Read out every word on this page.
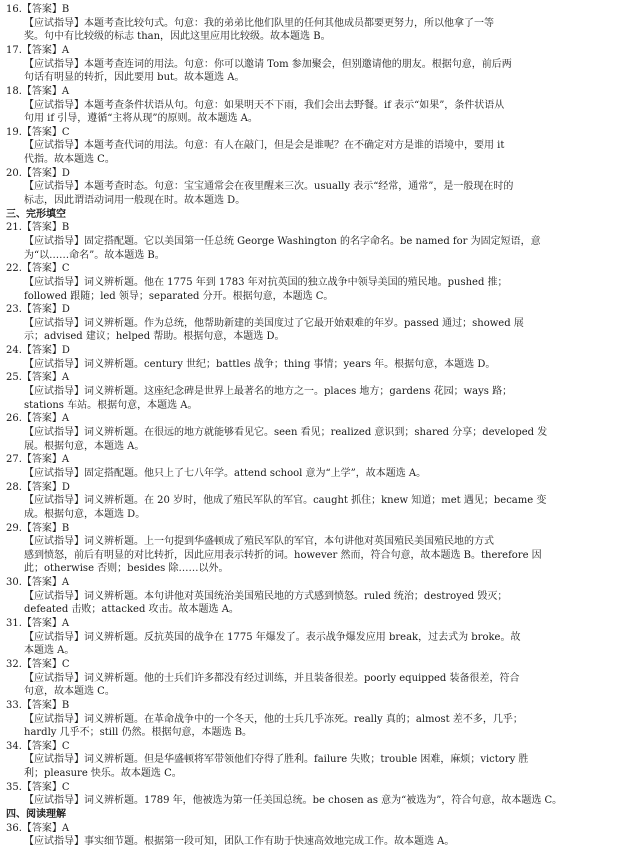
16.【答案】B
【应试指导】本题考查比较句式。句意：我的弟弟比他们队里的任何其他成员都要更努力，所以他拿了一等
奖。句中有比较级的标志 than，因此这里应用比较级。故本题选 B。
17.【答案】A
【应试指导】本题考查连词的用法。句意：你可以邀请 Tom 参加聚会，但别邀请他的朋友。根据句意，前后两
句话有明显的转折，因此要用 but。故本题选 A。
18.【答案】A
【应试指导】本题考查条件状语从句。句意：如果明天不下雨，我们会出去野餐。if 表示“如果”，条件状语从
句用 if 引导，遵循“主将从现”的原则。故本题选 A。
19.【答案】C
【应试指导】本题考查代词的用法。句意：有人在敲门，但是会是谁呢？在不确定对方是谁的语境中，要用 it
代指。故本题选 C。
20.【答案】D
【应试指导】本题考查时态。句意：宝宝通常会在夜里醒来三次。usually 表示“经常，通常”，是一般现在时的
标志，因此谓语动词用一般现在时。故本题选 D。
三、完形填空
21.【答案】B
【应试指导】固定搭配题。它以美国第一任总统 George Washington 的名字命名。be named for 为固定短语，意
为“以……命名”。故本题选 B。
22.【答案】C
【应试指导】词义辨析题。他在 1775 年到 1783 年对抗英国的独立战争中领导美国的殖民地。pushed 推；
followed 跟随；led 领导；separated 分开。根据句意，本题选 C。
23.【答案】D
【应试指导】词义辨析题。作为总统，他帮助新建的美国度过了它最开始艰难的年岁。passed 通过；showed 展
示；advised 建议；helped 帮助。根据句意，本题选 D。
24.【答案】D
【应试指导】词义辨析题。century 世纪；battles 战争；thing 事情；years 年。根据句意，本题选 D。
25.【答案】A
【应试指导】词义辨析题。这座纪念碑是世界上最著名的地方之一。places 地方；gardens 花园；ways 路；
stations 车站。根据句意，本题选 A。
26.【答案】A
【应试指导】词义辨析题。在很远的地方就能够看见它。seen 看见；realized 意识到；shared 分享；developed 发
展。根据句意，本题选 A。
27.【答案】A
【应试指导】固定搭配题。他只上了七八年学。attend school 意为“上学”，故本题选 A。
28.【答案】D
【应试指导】词义辨析题。在 20 岁时，他成了殖民军队的军官。caught 抓住；knew 知道；met 遇见；became 变
成。根据句意，本题选 D。
29.【答案】B
【应试指导】词义辨析题。上一句提到华盛顿成了殖民军队的军官，本句讲他对英国殖民美国殖民地的方式
感到愤怒，前后有明显的对比转折，因此应用表示转折的词。however 然而，符合句意，故本题选 B。therefore 因
此；otherwise 否则；besides 除……以外。
30.【答案】A
【应试指导】词义辨析题。本句讲他对英国统治美国殖民地的方式感到愤怒。ruled 统治；destroyed 毁灭；
defeated 击败；attacked 攻击。故本题选 A。
31.【答案】A
【应试指导】词义辨析题。反抗英国的战争在 1775 年爆发了。表示战争爆发应用 break，过去式为 broke。故
本题选 A。
32.【答案】C
【应试指导】词义辨析题。他的士兵们许多都没有经过训练，并且装备很差。poorly equipped 装备很差，符合
句意，故本题选 C。
33.【答案】B
【应试指导】词义辨析题。在革命战争中的一个冬天，他的士兵几乎冻死。really 真的；almost 差不多，几乎；
hardly 几乎不；still 仍然。根据句意，本题选 B。
34.【答案】C
【应试指导】词义辨析题。但是华盛顿将军带领他们夺得了胜利。failure 失败；trouble 困难，麻烦；victory 胜
利；pleasure 快乐。故本题选 C。
35.【答案】C
【应试指导】词义辨析题。1789 年，他被选为第一任美国总统。be chosen as 意为“被选为”，符合句意，故本题选 C。
四、阅读理解
36.【答案】A
【应试指导】事实细节题。根据第一段可知，团队工作有助于快速高效地完成工作。故本题选 A。
